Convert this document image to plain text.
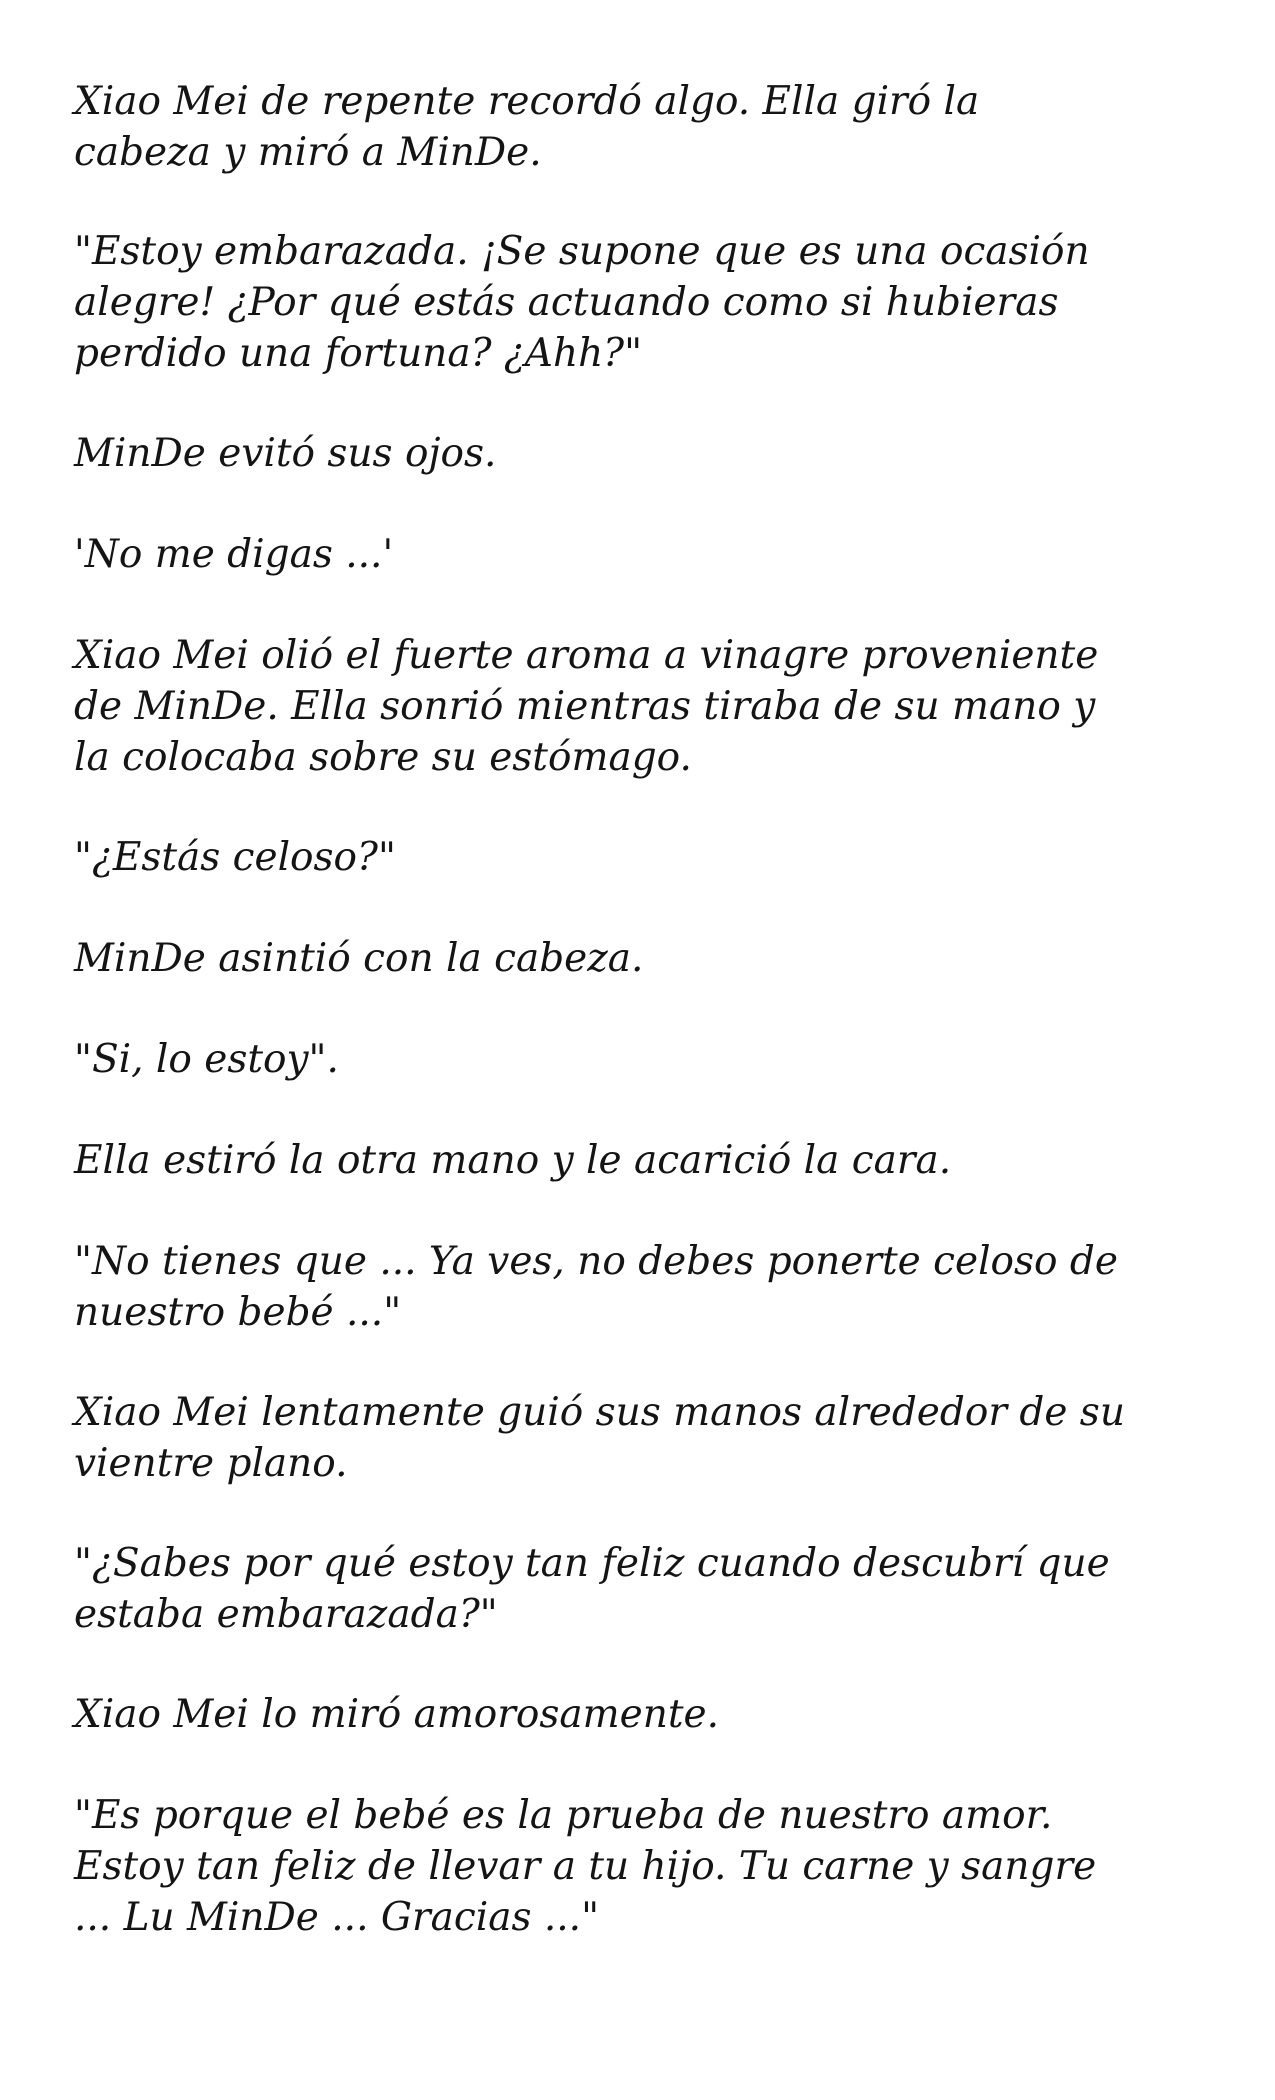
Xiao Mei de repente recordó algo. Ella giró la
cabeza y miró a MinDe.

"Estoy embarazada. ¡Se supone que es una ocasión
alegre! ¿Por qué estás actuando como si hubieras
perdido una fortuna? ¿Ahh?"

MinDe evitó sus ojos.

'No me digas ...'

Xiao Mei olió el fuerte aroma a vinagre proveniente
de MinDe. Ella sonrió mientras tiraba de su mano y
la colocaba sobre su estómago.

"¿Estás celoso?"

MinDe asintió con la cabeza.

"Si, lo estoy".

Ella estiró la otra mano y le acarició la cara.

"No tienes que ... Ya ves, no debes ponerte celoso de
nuestro bebé ..."

Xiao Mei lentamente guió sus manos alrededor de su
vientre plano.

"¿Sabes por qué estoy tan feliz cuando descubrí que
estaba embarazada?"

Xiao Mei lo miró amorosamente.

"Es porque el bebé es la prueba de nuestro amor.
Estoy tan feliz de llevar a tu hijo. Tu carne y sangre
... Lu MinDe ... Gracias ..."
